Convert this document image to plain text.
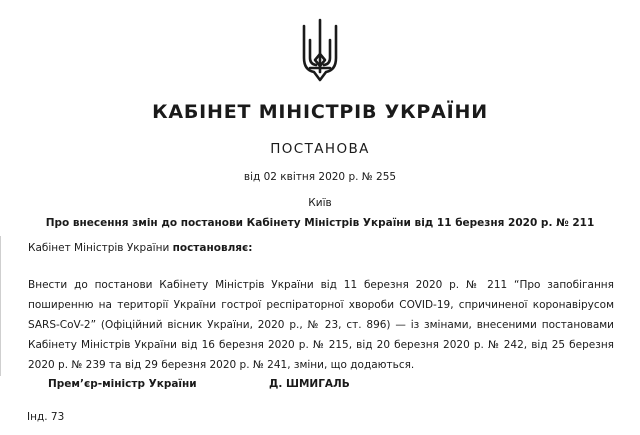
КАБІНЕТ МІНІСТРІВ УКРАЇНИ
ПОСТАНОВА
від 02 квітня 2020 р. № 255
Київ
Про внесення змін до постанови Кабінету Міністрів України від 11 березня 2020 р. № 211
Кабінет Міністрів України постановляє:
Внести до постанови Кабінету Міністрів України від 11 березня 2020 р. № 211 “Про запобігання поширенню на території України гострої респіраторної хвороби COVID-19, спричиненої коронавірусом SARS-CoV-2” (Офіційний вісник України, 2020 р., № 23, ст. 896) — із змінами, внесеними постановами Кабінету Міністрів України від 16 березня 2020 р. № 215, від 20 березня 2020 р. № 242, від 25 березня 2020 р. № 239 та від 29 березня 2020 р. № 241, зміни, що додаються.
Прем’єр-міністр України	Д. ШМИГАЛЬ
Інд. 73
